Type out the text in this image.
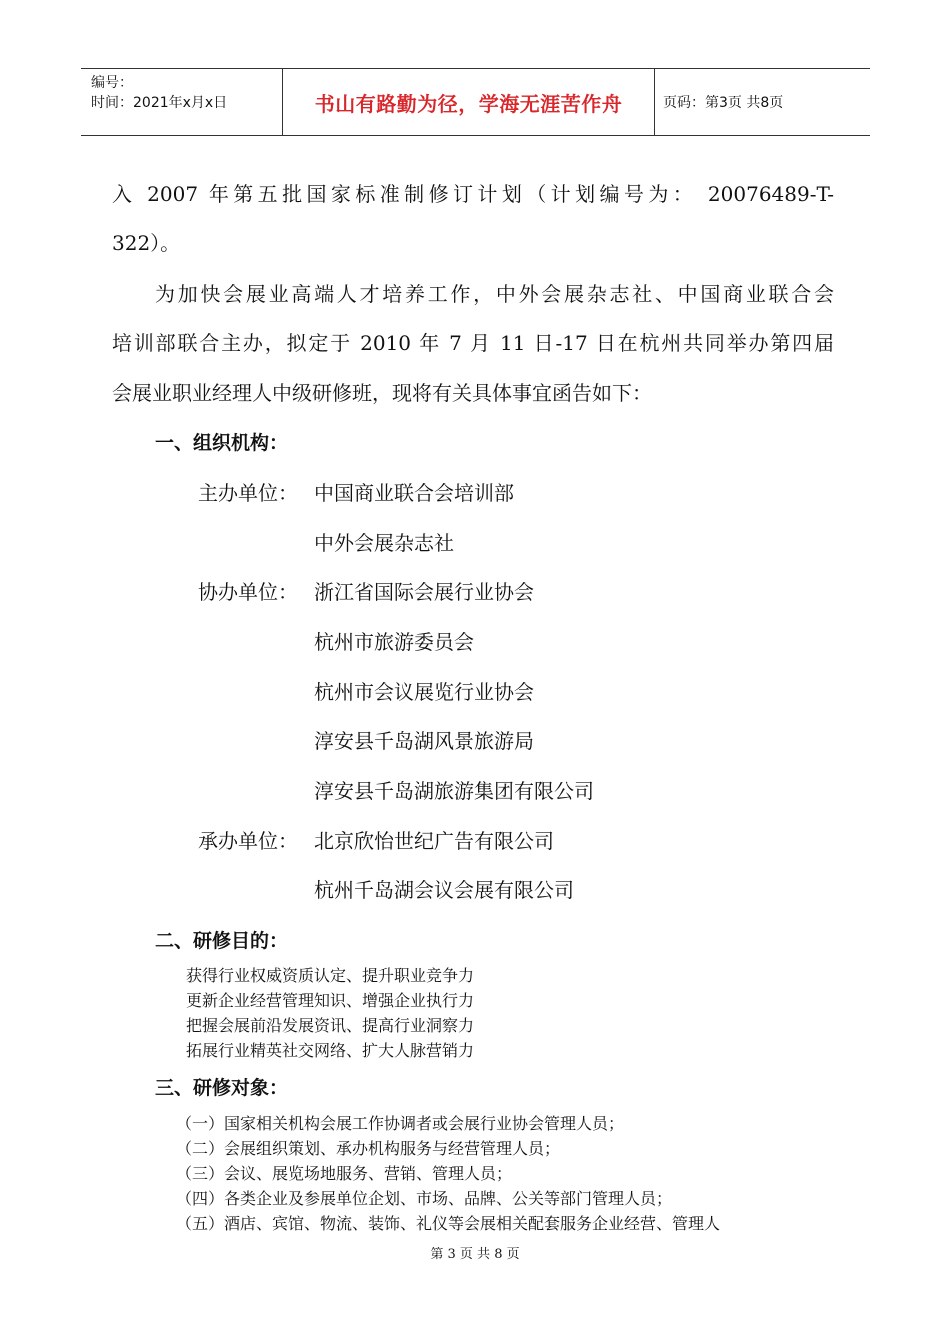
编号：
时间：2021年x月x日	书山有路勤为径，学海无涯苦作舟	页码：第3页 共8页
入 2007 年第五批国家标准制修订计划（计划编号为： 20076489-T-
322）。
为加快会展业高端人才培养工作，中外会展杂志社、中国商业联合会
培训部联合主办，拟定于 2010 年 7 月 11 日-17 日在杭州共同举办第四届
会展业职业经理人中级研修班，现将有关具体事宜函告如下：
一、组织机构：
主办单位： 中国商业联合会培训部
中外会展杂志社
协办单位： 浙江省国际会展行业协会
杭州市旅游委员会
杭州市会议展览行业协会
淳安县千岛湖风景旅游局
淳安县千岛湖旅游集团有限公司
承办单位： 北京欣怡世纪广告有限公司
杭州千岛湖会议会展有限公司
二、研修目的：
获得行业权威资质认定、提升职业竞争力
更新企业经营管理知识、增强企业执行力
把握会展前沿发展资讯、提高行业洞察力
拓展行业精英社交网络、扩大人脉营销力
三、研修对象：
（一）国家相关机构会展工作协调者或会展行业协会管理人员；
（二）会展组织策划、承办机构服务与经营管理人员；
（三）会议、展览场地服务、营销、管理人员；
（四）各类企业及参展单位企划、市场、品牌、公关等部门管理人员；
（五）酒店、宾馆、物流、装饰、礼仪等会展相关配套服务企业经营、管理人
第 3 页 共 8 页
